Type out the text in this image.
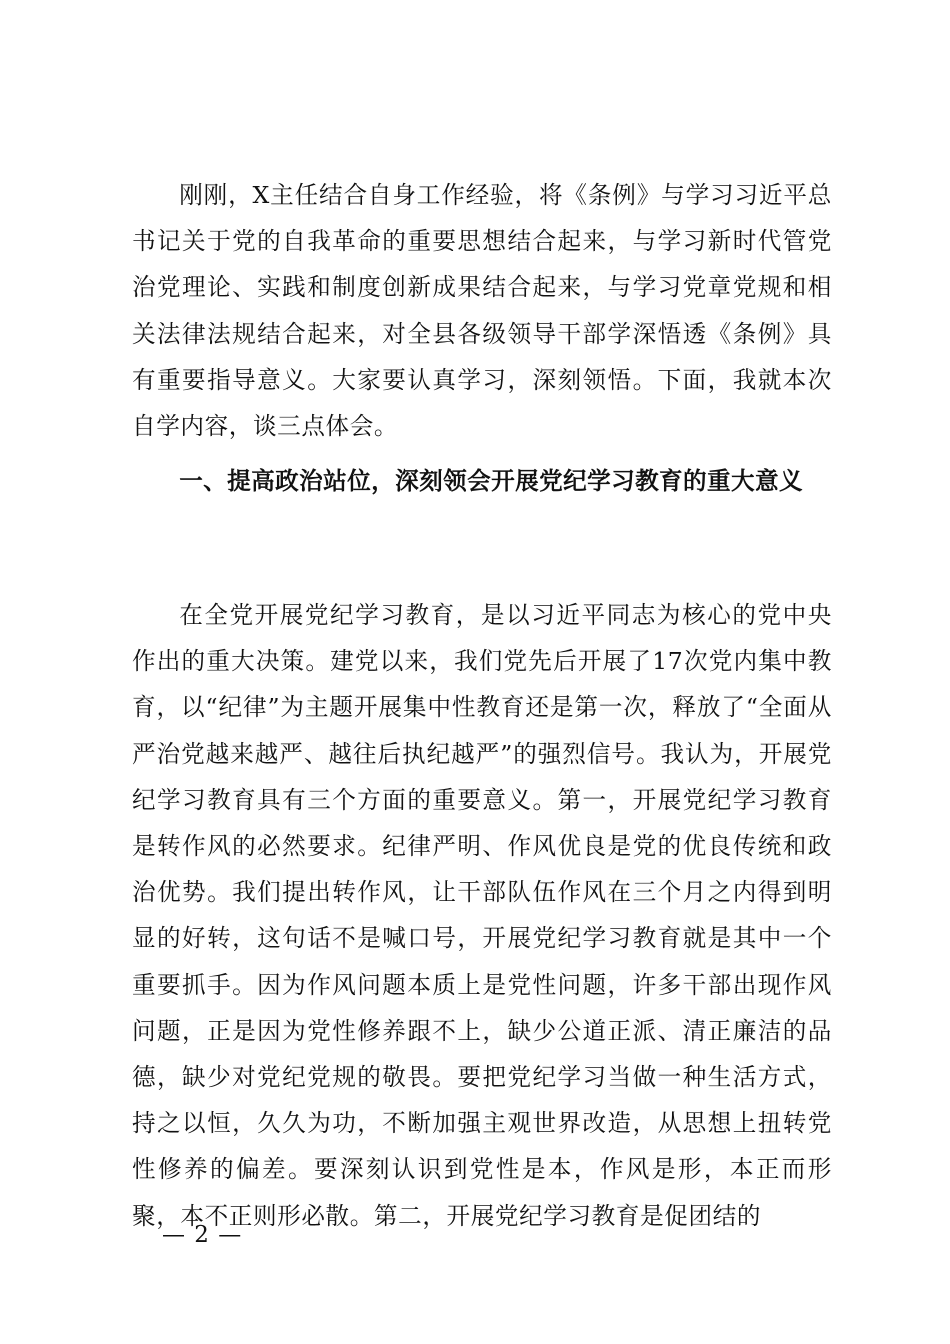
刚刚，X主任结合自身工作经验，将《条例》与学习习近平总书记关于党的自我革命的重要思想结合起来，与学习新时代管党治党理论、实践和制度创新成果结合起来，与学习党章党规和相关法律法规结合起来，对全县各级领导干部学深悟透《条例》具有重要指导意义。大家要认真学习，深刻领悟。下面，我就本次自学内容，谈三点体会。

一、提高政治站位，深刻领会开展党纪学习教育的重大意义

在全党开展党纪学习教育，是以习近平同志为核心的党中央作出的重大决策。建党以来，我们党先后开展了17次党内集中教育，以“纪律”为主题开展集中性教育还是第一次，释放了“全面从严治党越来越严、越往后执纪越严”的强烈信号。我认为，开展党纪学习教育具有三个方面的重要意义。第一，开展党纪学习教育是转作风的必然要求。纪律严明、作风优良是党的优良传统和政治优势。我们提出转作风，让干部队伍作风在三个月之内得到明显的好转，这句话不是喊口号，开展党纪学习教育就是其中一个重要抓手。因为作风问题本质上是党性问题，许多干部出现作风问题，正是因为党性修养跟不上，缺少公道正派、清正廉洁的品德，缺少对党纪党规的敬畏。要把党纪学习当做一种生活方式，持之以恒，久久为功，不断加强主观世界改造，从思想上扭转党性修养的偏差。要深刻认识到党性是本，作风是形，本正而形聚，本不正则形必散。第二，开展党纪学习教育是促团结的

— 2 —
